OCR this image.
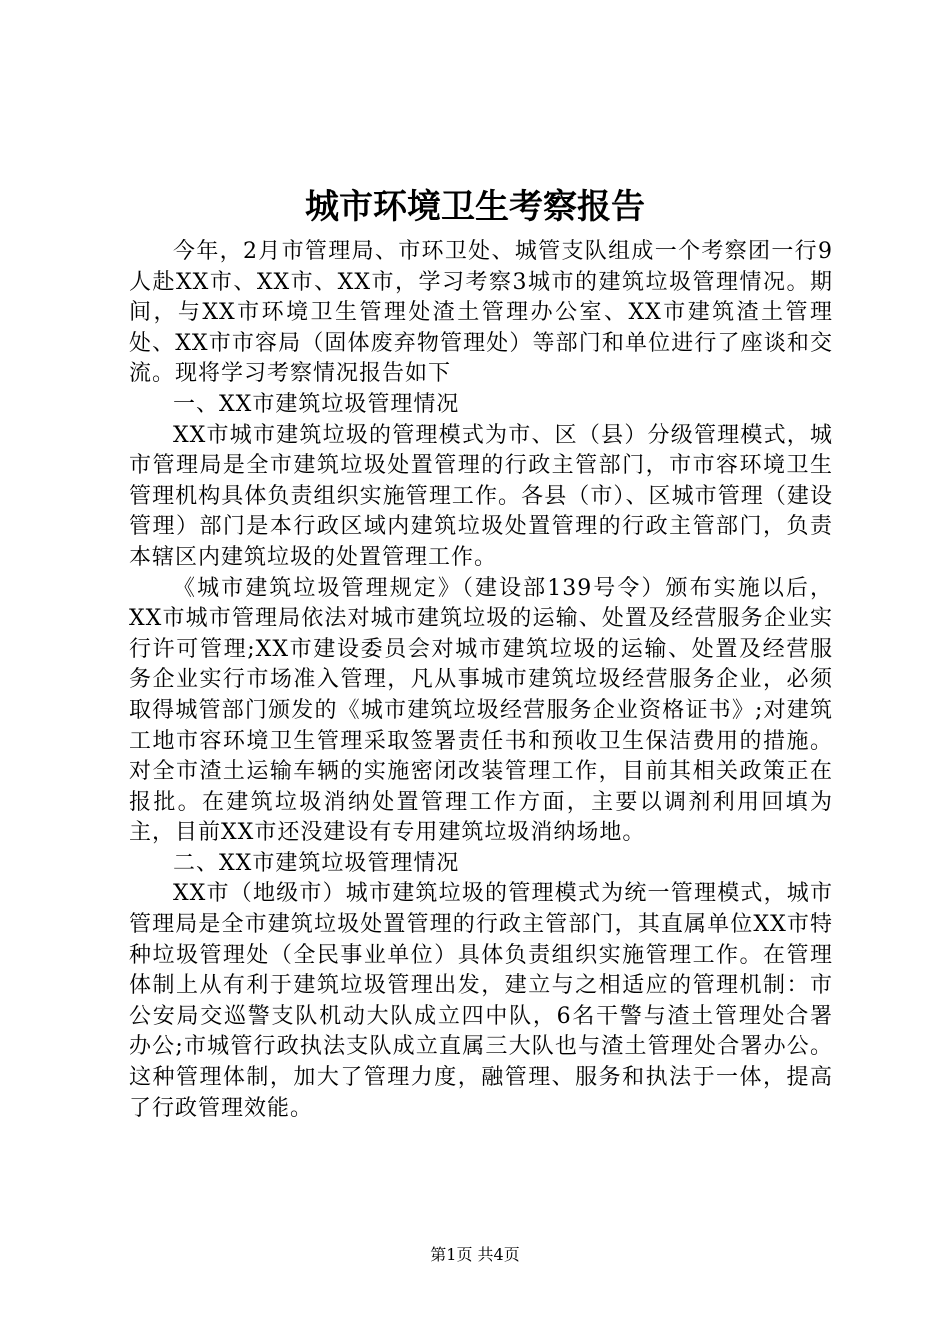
城市环境卫生考察报告

今年，2月市管理局、市环卫处、城管支队组成一个考察团一行9人赴XX市、XX市、XX市，学习考察3城市的建筑垃圾管理情况。期间，与XX市环境卫生管理处渣土管理办公室、XX市建筑渣土管理处、XX市市容局（固体废弃物管理处）等部门和单位进行了座谈和交流。现将学习考察情况报告如下

一、XX市建筑垃圾管理情况

XX市城市建筑垃圾的管理模式为市、区（县）分级管理模式，城市管理局是全市建筑垃圾处置管理的行政主管部门，市市容环境卫生管理机构具体负责组织实施管理工作。各县（市）、区城市管理（建设管理）部门是本行政区域内建筑垃圾处置管理的行政主管部门，负责本辖区内建筑垃圾的处置管理工作。

《城市建筑垃圾管理规定》（建设部139号令）颁布实施以后，XX市城市管理局依法对城市建筑垃圾的运输、处置及经营服务企业实行许可管理;XX市建设委员会对城市建筑垃圾的运输、处置及经营服务企业实行市场准入管理，凡从事城市建筑垃圾经营服务企业，必须取得城管部门颁发的《城市建筑垃圾经营服务企业资格证书》;对建筑工地市容环境卫生管理采取签署责任书和预收卫生保洁费用的措施。对全市渣土运输车辆的实施密闭改装管理工作，目前其相关政策正在报批。在建筑垃圾消纳处置管理工作方面，主要以调剂利用回填为主，目前XX市还没建设有专用建筑垃圾消纳场地。

二、XX市建筑垃圾管理情况

XX市（地级市）城市建筑垃圾的管理模式为统一管理模式，城市管理局是全市建筑垃圾处置管理的行政主管部门，其直属单位XX市特种垃圾管理处（全民事业单位）具体负责组织实施管理工作。在管理体制上从有利于建筑垃圾管理出发，建立与之相适应的管理机制：市公安局交巡警支队机动大队成立四中队，6名干警与渣土管理处合署办公;市城管行政执法支队成立直属三大队也与渣土管理处合署办公。这种管理体制，加大了管理力度，融管理、服务和执法于一体，提高了行政管理效能。

第1页 共4页
